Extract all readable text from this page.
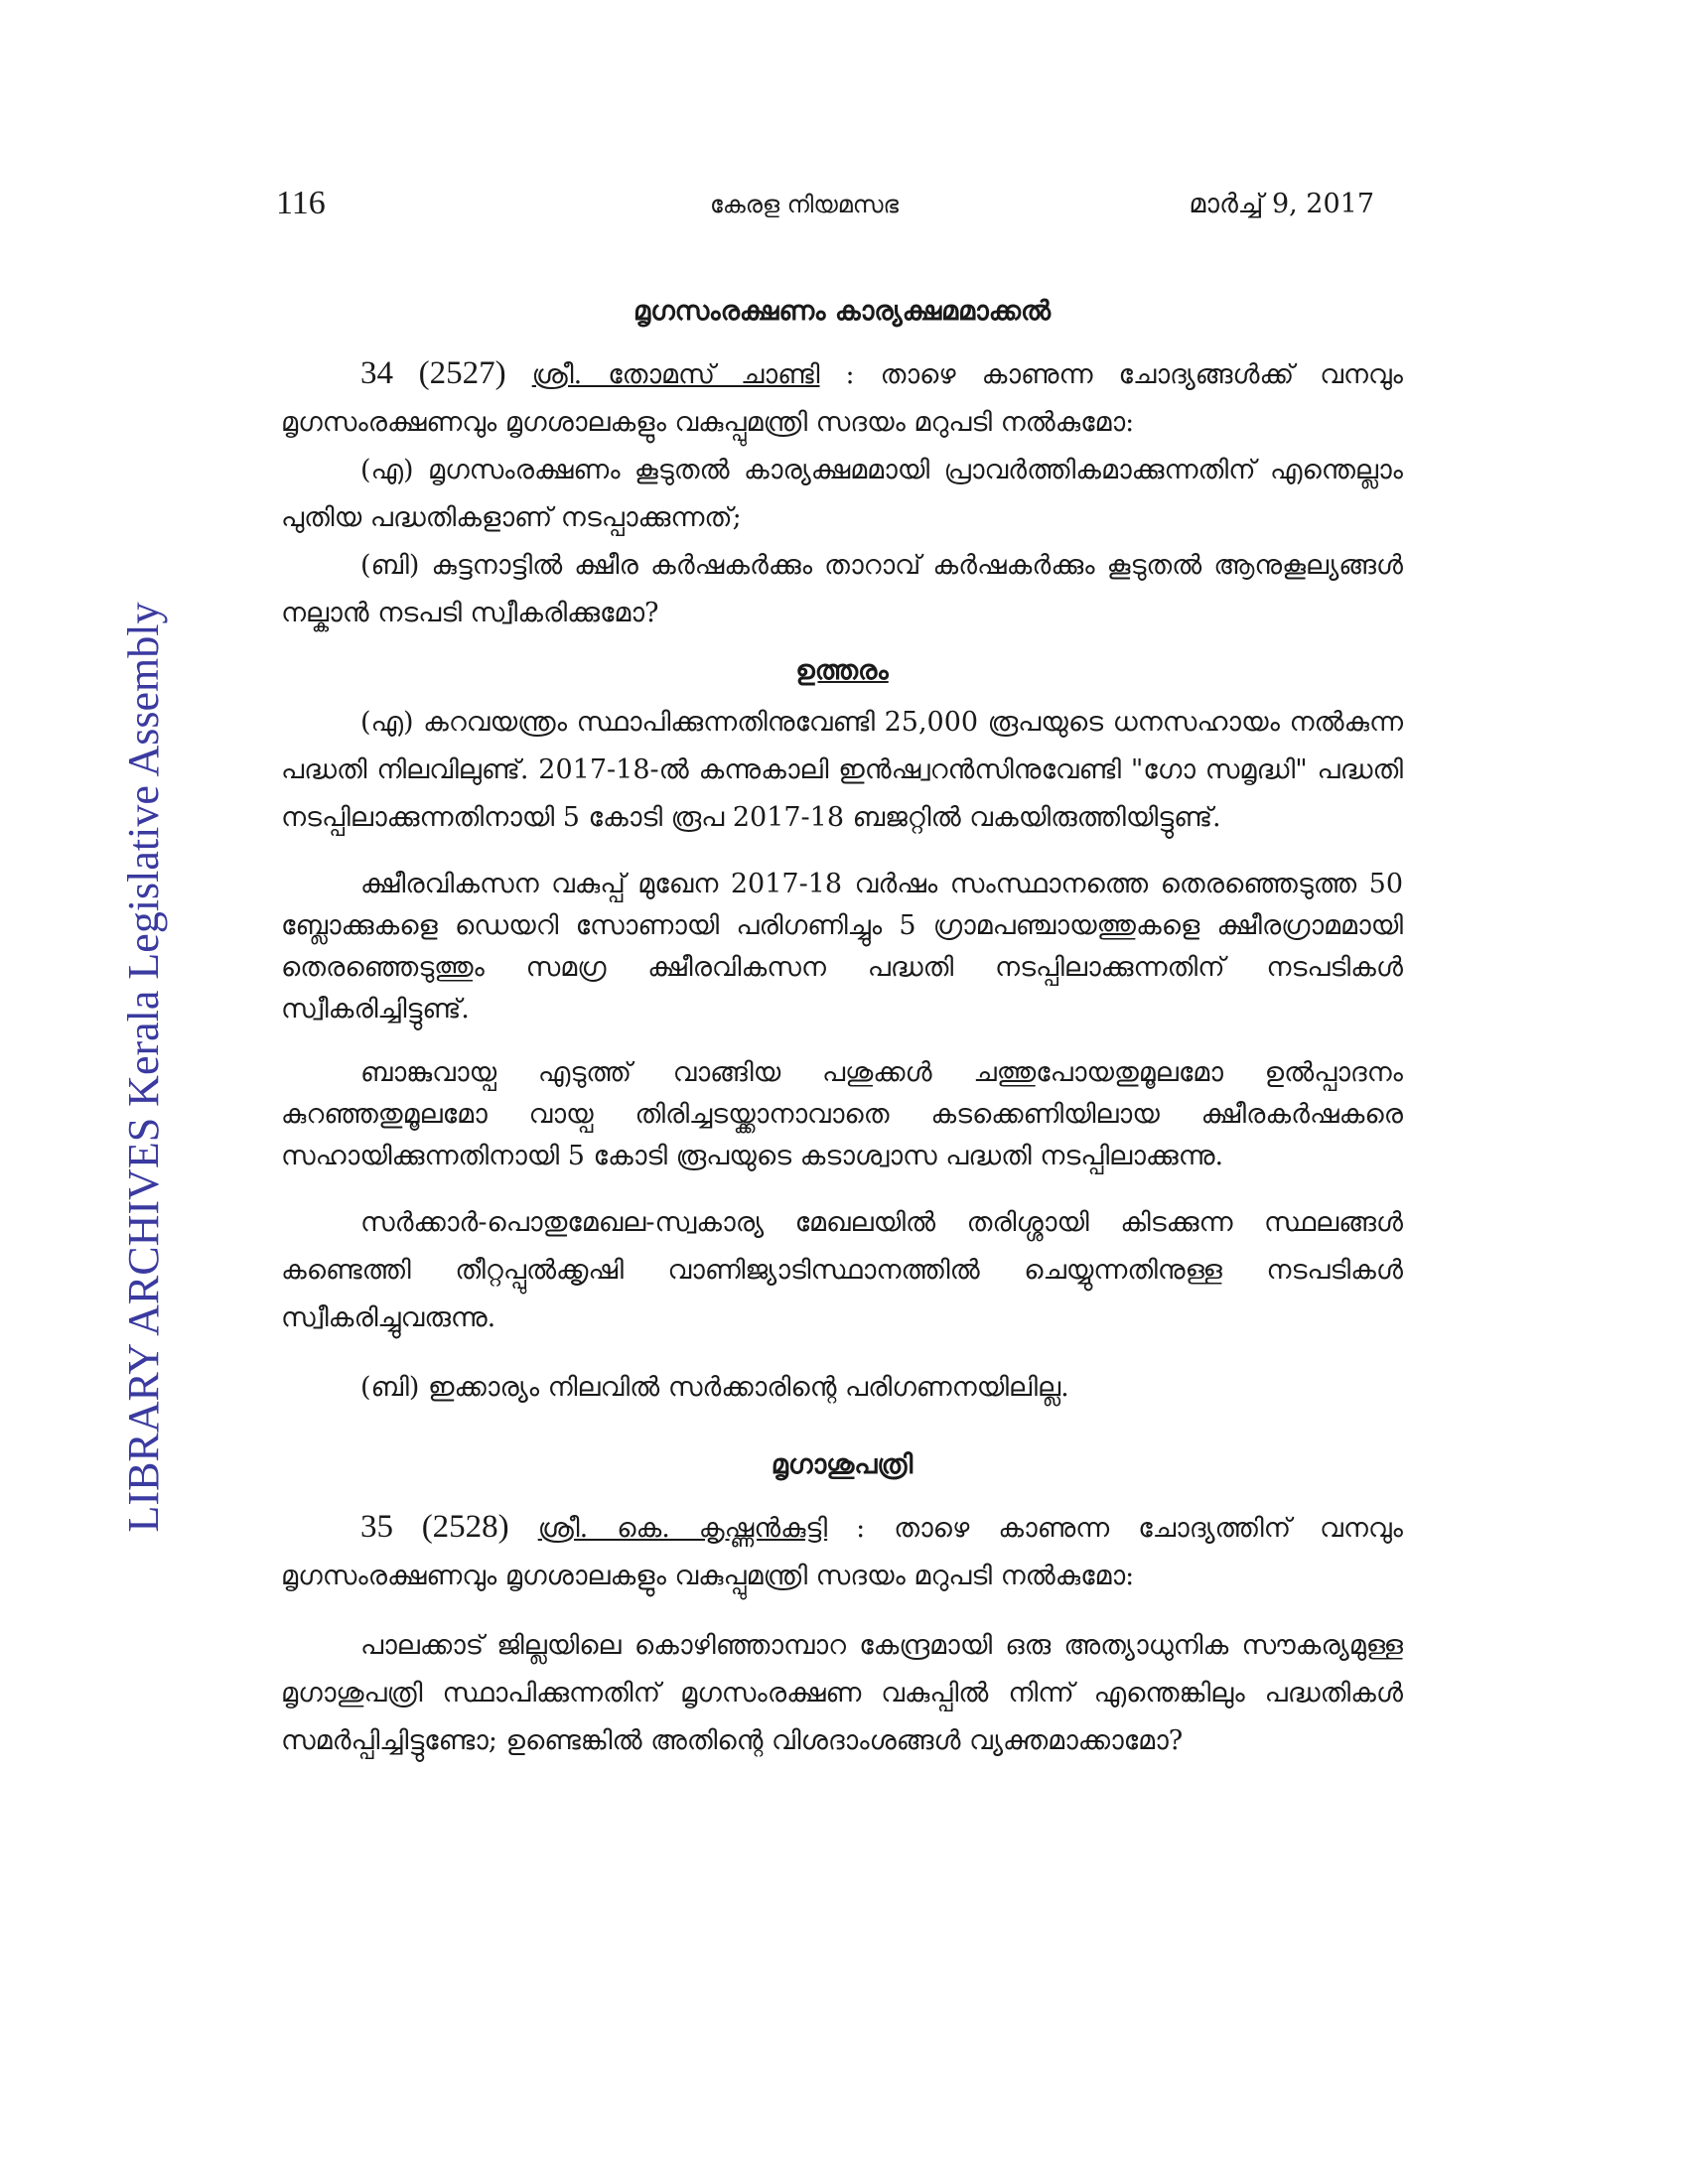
LIBRARY ARCHIVES Kerala Legislative Assembly
116	കേരള നിയമസഭ	മാർച്ച് 9, 2017
മൃഗസംരക്ഷണം കാര്യക്ഷമമാക്കൽ

34 (2527) ശ്രീ. തോമസ് ചാണ്ടി : താഴെ കാണുന്ന ചോദ്യങ്ങൾക്ക് വനവും മൃഗസംരക്ഷണവും മൃഗശാലകളും വകുപ്പുമന്ത്രി സദയം മറുപടി നൽകുമോ:

(എ) മൃഗസംരക്ഷണം കൂടുതൽ കാര്യക്ഷമമായി പ്രാവർത്തികമാക്കുന്നതിന് എന്തെല്ലാം പുതിയ പദ്ധതികളാണ് നടപ്പാക്കുന്നത്;

(ബി) കുട്ടനാട്ടിൽ ക്ഷീര കർഷകർക്കും താറാവ് കർഷകർക്കും കൂടുതൽ ആനുകൂല്യങ്ങൾ നല്കാൻ നടപടി സ്വീകരിക്കുമോ?

ഉത്തരം

(എ) കറവയന്ത്രം സ്ഥാപിക്കുന്നതിനുവേണ്ടി 25,000 രൂപയുടെ ധനസഹായം നൽകുന്ന പദ്ധതി നിലവിലുണ്ട്. 2017-18-ൽ കന്നുകാലി ഇൻഷ്വറൻസിനുവേണ്ടി "ഗോ സമൃദ്ധി" പദ്ധതി നടപ്പിലാക്കുന്നതിനായി 5 കോടി രൂപ 2017-18 ബജറ്റിൽ വകയിരുത്തിയിട്ടുണ്ട്.

ക്ഷീരവികസന വകുപ്പ് മുഖേന 2017-18 വർഷം സംസ്ഥാനത്തെ തെരഞ്ഞെടുത്ത 50 ബ്ലോക്കുകളെ ഡെയറി സോണായി പരിഗണിച്ചും 5 ഗ്രാമപഞ്ചായത്തുകളെ ക്ഷീരഗ്രാമമായി തെരഞ്ഞെടുത്തും സമഗ്ര ക്ഷീരവികസന പദ്ധതി നടപ്പിലാക്കുന്നതിന് നടപടികൾ സ്വീകരിച്ചിട്ടുണ്ട്.

ബാങ്കുവായ്പ എടുത്ത് വാങ്ങിയ പശുക്കൾ ചത്തുപോയതുമൂലമോ ഉൽപ്പാദനം കുറഞ്ഞതുമൂലമോ വായ്പ തിരിച്ചടയ്ക്കാനാവാതെ കടക്കെണിയിലായ ക്ഷീരകർഷകരെ സഹായിക്കുന്നതിനായി 5 കോടി രൂപയുടെ കടാശ്വാസ പദ്ധതി നടപ്പിലാക്കുന്നു.

സർക്കാർ-പൊതുമേഖല-സ്വകാര്യ മേഖലയിൽ തരിശ്ശായി കിടക്കുന്ന സ്ഥലങ്ങൾ കണ്ടെത്തി തീറ്റപ്പുൽക്കൃഷി വാണിജ്യാടിസ്ഥാനത്തിൽ ചെയ്യുന്നതിനുള്ള നടപടികൾ സ്വീകരിച്ചുവരുന്നു.

(ബി) ഇക്കാര്യം നിലവിൽ സർക്കാരിന്റെ പരിഗണനയിലില്ല.

മൃഗാശുപത്രി

35 (2528) ശ്രീ. കെ. കൃഷ്ണൻകുട്ടി : താഴെ കാണുന്ന ചോദ്യത്തിന് വനവും മൃഗസംരക്ഷണവും മൃഗശാലകളും വകുപ്പുമന്ത്രി സദയം മറുപടി നൽകുമോ:

പാലക്കാട് ജില്ലയിലെ കൊഴിഞ്ഞാമ്പാറ കേന്ദ്രമായി ഒരു അത്യാധുനിക സൗകര്യമുള്ള മൃഗാശുപത്രി സ്ഥാപിക്കുന്നതിന് മൃഗസംരക്ഷണ വകുപ്പിൽ നിന്ന് എന്തെങ്കിലും പദ്ധതികൾ സമർപ്പിച്ചിട്ടുണ്ടോ; ഉണ്ടെങ്കിൽ അതിന്റെ വിശദാംശങ്ങൾ വ്യക്തമാക്കാമോ?
